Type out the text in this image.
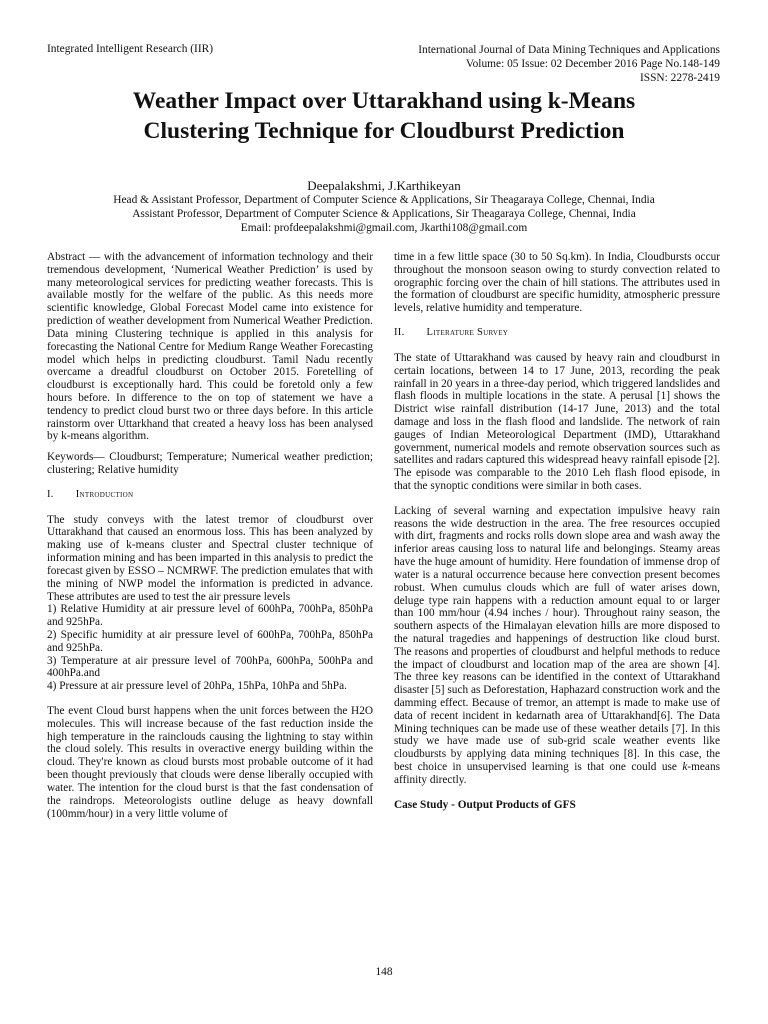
Integrated Intelligent Research (IIR)	International Journal of Data Mining Techniques and Applications
Volume: 05 Issue: 02 December 2016 Page No.148-149
ISSN: 2278-2419
Weather Impact over Uttarakhand using k-Means
Clustering Technique for Cloudburst Prediction
Deepalakshmi, J.Karthikeyan
Head & Assistant Professor, Department of Computer Science & Applications, Sir Theagaraya College, Chennai, India
Assistant Professor, Department of Computer Science & Applications, Sir Theagaraya College, Chennai, India
Email: profdeepalakshmi@gmail.com, Jkarthi108@gmail.com

Abstract — with the advancement of information technology and their tremendous development, ‘Numerical Weather Prediction’ is used by many meteorological services for predicting weather forecasts. This is available mostly for the welfare of the public. As this needs more scientific knowledge, Global Forecast Model came into existence for prediction of weather development from Numerical Weather Prediction. Data mining Clustering technique is applied in this analysis for forecasting the National Centre for Medium Range Weather Forecasting model which helps in predicting cloudburst. Tamil Nadu recently overcame a dreadful cloudburst on October 2015. Foretelling of cloudburst is exceptionally hard. This could be foretold only a few hours before. In difference to the on top of statement we have a tendency to predict cloud burst two or three days before. In this article rainstorm over Uttarkhand that created a heavy loss has been analysed by k-means algorithm.

Keywords— Cloudburst; Temperature; Numerical weather prediction; clustering; Relative humidity

I. Introduction

The study conveys with the latest tremor of cloudburst over Uttarakhand that caused an enormous loss. This has been analyzed by making use of k-means cluster and Spectral cluster technique of information mining and has been imparted in this analysis to predict the forecast given by ESSO – NCMRWF. The prediction emulates that with the mining of NWP model the information is predicted in advance. These attributes are used to test the air pressure levels

1) Relative Humidity at air pressure level of 600hPa, 700hPa, 850hPa and 925hPa.

2) Specific humidity at air pressure level of 600hPa, 700hPa, 850hPa and 925hPa.

3) Temperature at air pressure level of 700hPa, 600hPa, 500hPa and 400hPa.and

4) Pressure at air pressure level of 20hPa, 15hPa, 10hPa and 5hPa.

The event Cloud burst happens when the unit forces between the H2O molecules. This will increase because of the fast reduction inside the high temperature in the rainclouds causing the lightning to stay within the cloud solely. This results in overactive energy building within the cloud. They're known as cloud bursts most probable outcome of it had been thought previously that clouds were dense liberally occupied with water. The intention for the cloud burst is that the fast condensation of the raindrops. Meteorologists outline deluge as heavy downfall (100mm/hour) in a very little volume of

time in a few little space (30 to 50 Sq.km). In India, Cloudbursts occur throughout the monsoon season owing to sturdy convection related to orographic forcing over the chain of hill stations. The attributes used in the formation of cloudburst are specific humidity, atmospheric pressure levels, relative humidity and temperature.

II. Literature Survey

The state of Uttarakhand was caused by heavy rain and cloudburst in certain locations, between 14 to 17 June, 2013, recording the peak rainfall in 20 years in a three-day period, which triggered landslides and flash floods in multiple locations in the state. A perusal [1] shows the District wise rainfall distribution (14-17 June, 2013) and the total damage and loss in the flash flood and landslide. The network of rain gauges of Indian Meteorological Department (IMD), Uttarakhand government, numerical models and remote observation sources such as satellites and radars captured this widespread heavy rainfall episode [2]. The episode was comparable to the 2010 Leh flash flood episode, in that the synoptic conditions were similar in both cases.

Lacking of several warning and expectation impulsive heavy rain reasons the wide destruction in the area. The free resources occupied with dirt, fragments and rocks rolls down slope area and wash away the inferior areas causing loss to natural life and belongings. Steamy areas have the huge amount of humidity. Here foundation of immense drop of water is a natural occurrence because here convection present becomes robust. When cumulus clouds which are full of water arises down, deluge type rain happens with a reduction amount equal to or larger than 100 mm/hour (4.94 inches / hour). Throughout rainy season, the southern aspects of the Himalayan elevation hills are more disposed to the natural tragedies and happenings of destruction like cloud burst. The reasons and properties of cloudburst and helpful methods to reduce the impact of cloudburst and location map of the area are shown [4]. The three key reasons can be identified in the context of Uttarakhand disaster [5] such as Deforestation, Haphazard construction work and the damming effect. Because of tremor, an attempt is made to make use of data of recent incident in kedarnath area of Uttarakhand[6]. The Data Mining techniques can be made use of these weather details [7]. In this study we have made use of sub-grid scale weather events like cloudbursts by applying data mining techniques [8]. In this case, the best choice in unsupervised learning is that one could use k-means affinity directly.

Case Study - Output Products of GFS

148
